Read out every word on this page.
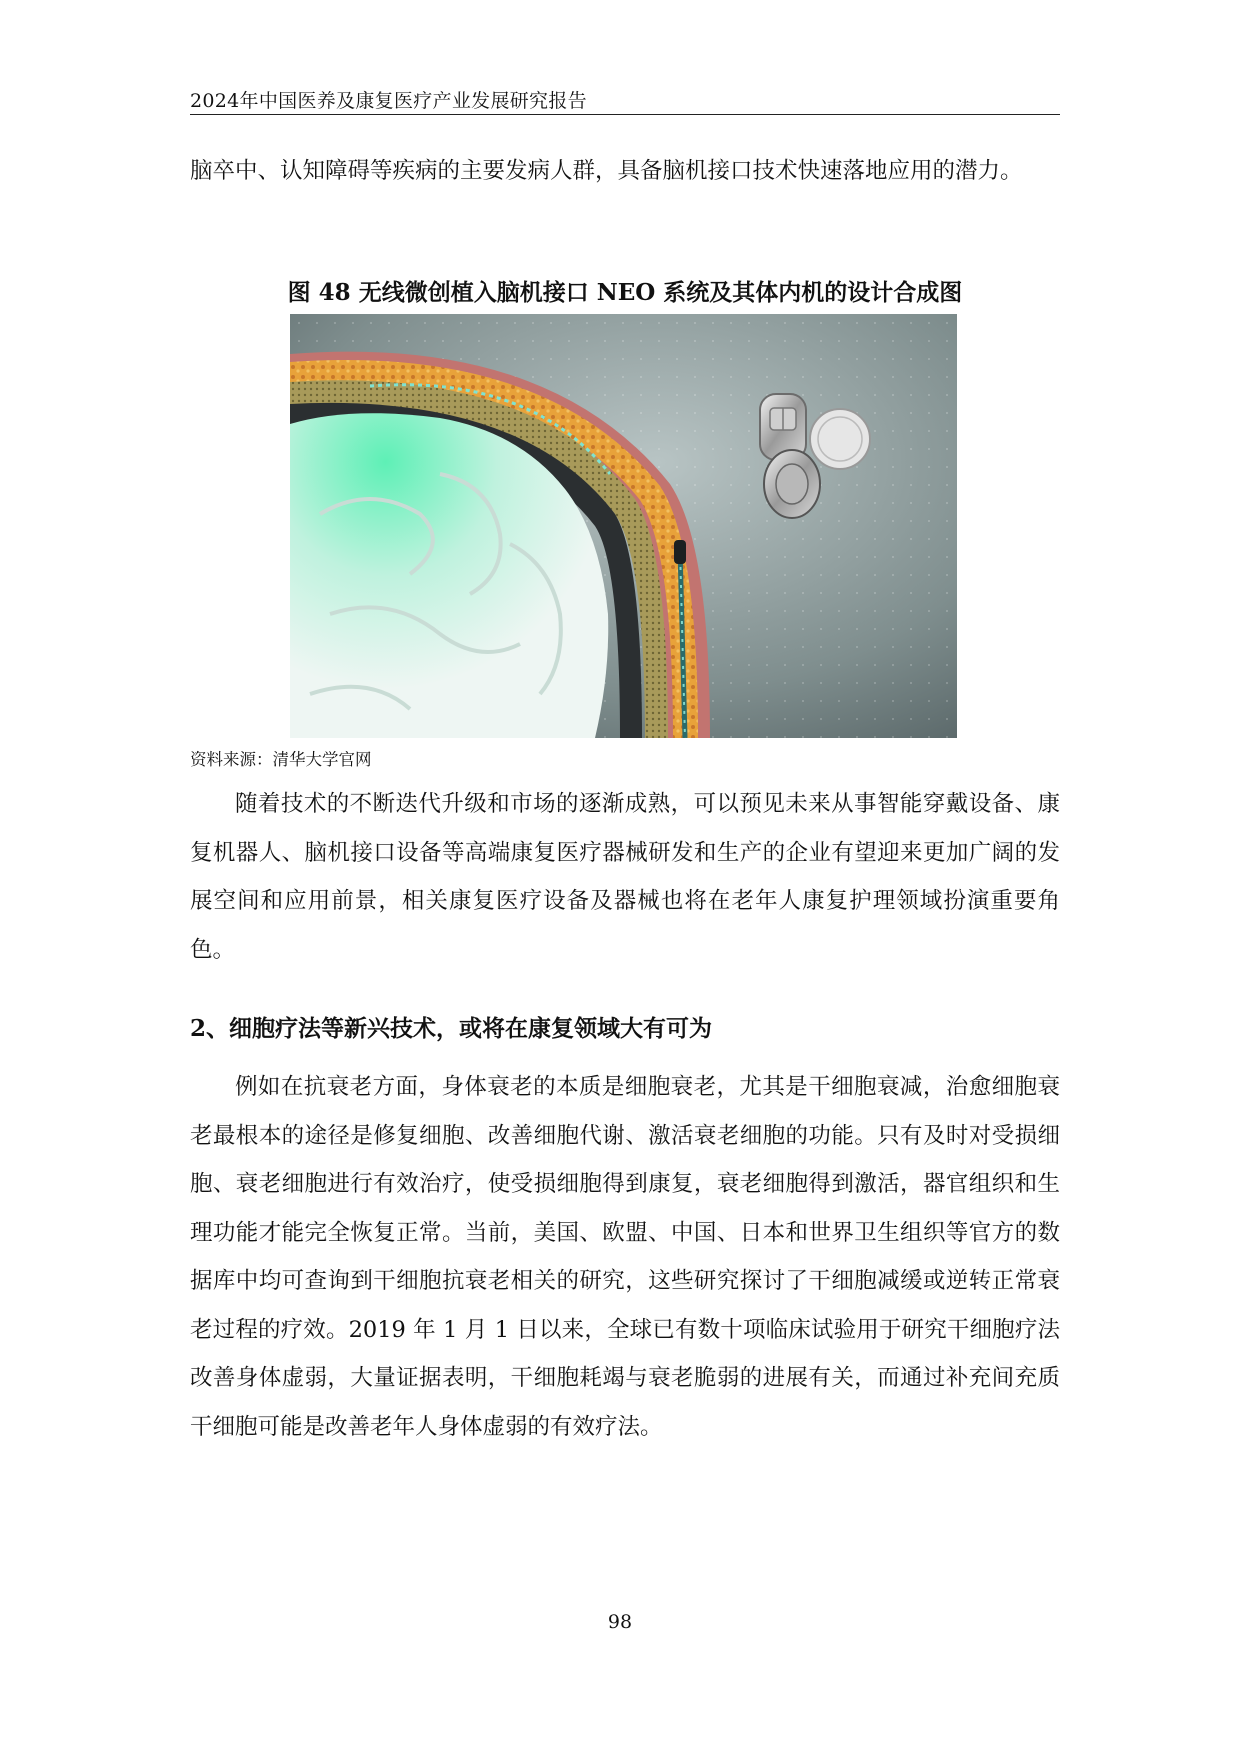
2024年中国医养及康复医疗产业发展研究报告

脑卒中、认知障碍等疾病的主要发病人群，具备脑机接口技术快速落地应用的潜力。

图 48 无线微创植入脑机接口 NEO 系统及其体内机的设计合成图
资料来源：清华大学官网

随着技术的不断迭代升级和市场的逐渐成熟，可以预见未来从事智能穿戴设备、康复机器人、脑机接口设备等高端康复医疗器械研发和生产的企业有望迎来更加广阔的发展空间和应用前景，相关康复医疗设备及器械也将在老年人康复护理领域扮演重要角色。

2、细胞疗法等新兴技术，或将在康复领域大有可为

例如在抗衰老方面，身体衰老的本质是细胞衰老，尤其是干细胞衰减，治愈细胞衰老最根本的途径是修复细胞、改善细胞代谢、激活衰老细胞的功能。只有及时对受损细胞、衰老细胞进行有效治疗，使受损细胞得到康复，衰老细胞得到激活，器官组织和生理功能才能完全恢复正常。当前，美国、欧盟、中国、日本和世界卫生组织等官方的数据库中均可查询到干细胞抗衰老相关的研究，这些研究探讨了干细胞减缓或逆转正常衰老过程的疗效。2019 年 1 月 1 日以来，全球已有数十项临床试验用于研究干细胞疗法改善身体虚弱，大量证据表明，干细胞耗竭与衰老脆弱的进展有关，而通过补充间充质干细胞可能是改善老年人身体虚弱的有效疗法。

98
